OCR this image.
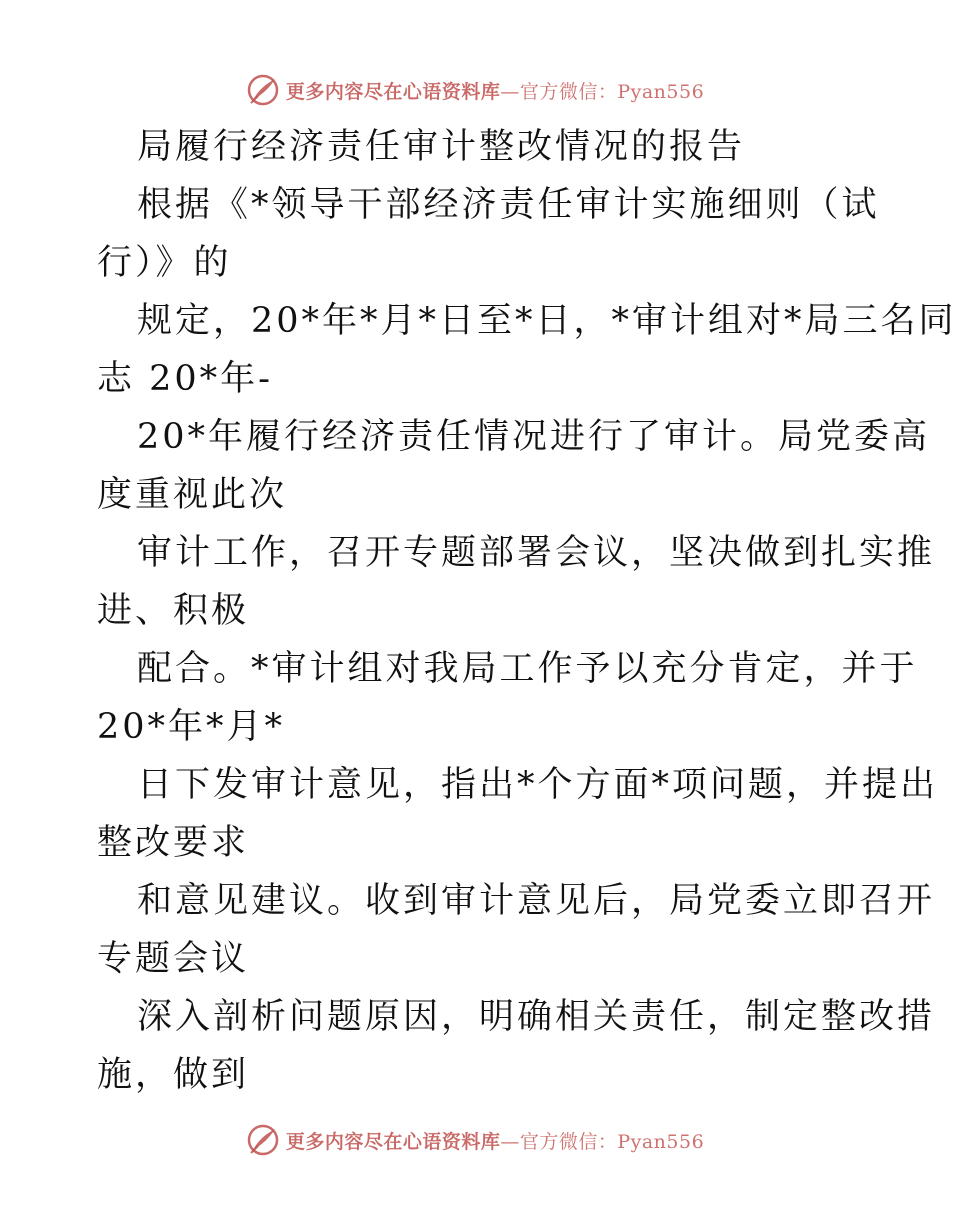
更多内容尽在心语资料库—官方微信：Pyan556
局履行经济责任审计整改情况的报告
根据《*领导干部经济责任审计实施细则（试
行）》的
规定，20*年*月*日至*日，*审计组对*局三名同
志 20*年-
20*年履行经济责任情况进行了审计。局党委高
度重视此次
审计工作，召开专题部署会议，坚决做到扎实推
进、积极
配合。*审计组对我局工作予以充分肯定，并于
20*年*月*
日下发审计意见，指出*个方面*项问题，并提出
整改要求
和意见建议。收到审计意见后，局党委立即召开
专题会议
深入剖析问题原因，明确相关责任，制定整改措
施，做到
更多内容尽在心语资料库—官方微信：Pyan556
